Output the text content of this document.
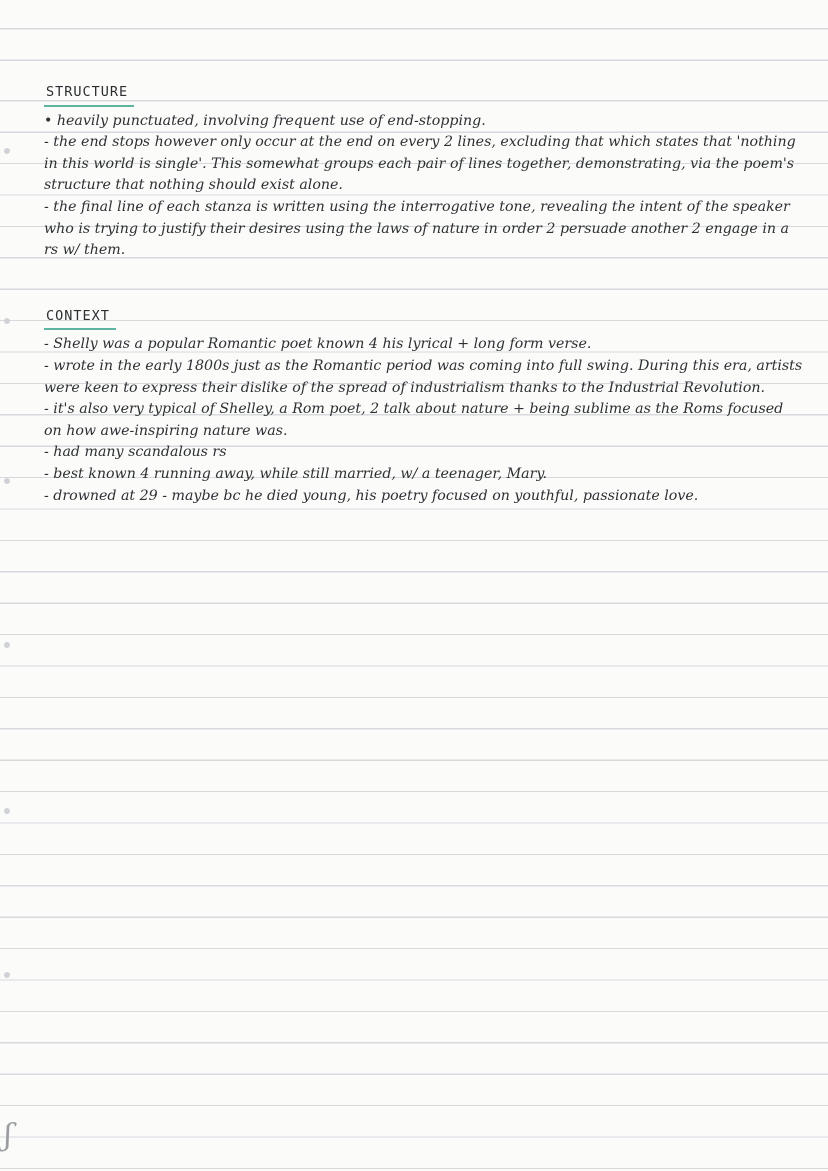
STRUCTURE

• heavily punctuated, involving frequent use of end-stopping.

- the end stops however only occur at the end on every 2 lines, excluding that which states that 'nothing in this world is single'. This somewhat groups each pair of lines together, demonstrating, via the poem's structure that nothing should exist alone.

- the final line of each stanza is written using the interrogative tone, revealing the intent of the speaker who is trying to justify their desires using the laws of nature in order 2 persuade another 2 engage in a rs w/ them.

CONTEXT

- Shelly was a popular Romantic poet known 4 his lyrical + long form verse.

- wrote in the early 1800s just as the Romantic period was coming into full swing. During this era, artists were keen to express their dislike of the spread of industrialism thanks to the Industrial Revolution.

- it's also very typical of Shelley, a Rom poet, 2 talk about nature + being sublime as the Roms focused on how awe-inspiring nature was.

- had many scandalous rs

- best known 4 running away, while still married, w/ a teenager, Mary.

- drowned at 29 - maybe bc he died young, his poetry focused on youthful, passionate love.

ʃ
